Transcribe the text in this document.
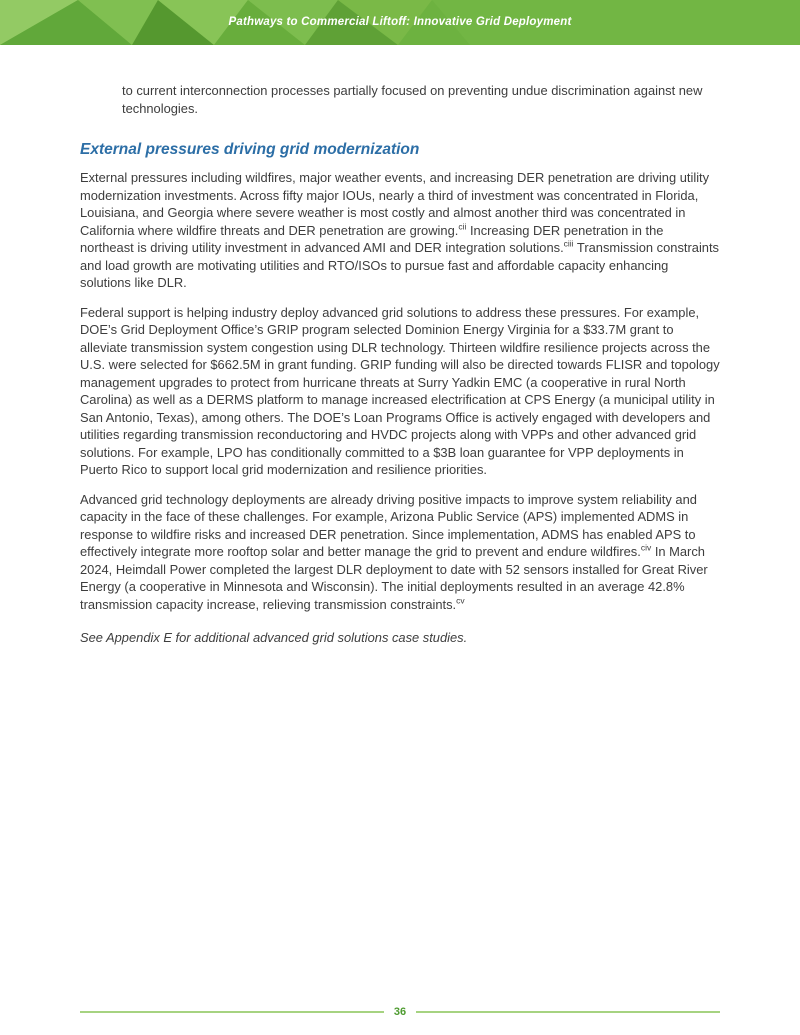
Pathways to Commercial Liftoff: Innovative Grid Deployment

to current interconnection processes partially focused on preventing undue discrimination against new technologies.

External pressures driving grid modernization

External pressures including wildfires, major weather events, and increasing DER penetration are driving utility modernization investments. Across fifty major IOUs, nearly a third of investment was concentrated in Florida, Louisiana, and Georgia where severe weather is most costly and almost another third was concentrated in California where wildfire threats and DER penetration are growing.$^{cii}$ Increasing DER penetration in the northeast is driving utility investment in advanced AMI and DER integration solutions.$^{ciii}$ Transmission constraints and load growth are motivating utilities and RTO/ISOs to pursue fast and affordable capacity enhancing solutions like DLR.

Federal support is helping industry deploy advanced grid solutions to address these pressures. For example, DOE’s Grid Deployment Office’s GRIP program selected Dominion Energy Virginia for a $33.7M grant to alleviate transmission system congestion using DLR technology. Thirteen wildfire resilience projects across the U.S. were selected for $662.5M in grant funding. GRIP funding will also be directed towards FLISR and topology management upgrades to protect from hurricane threats at Surry Yadkin EMC (a cooperative in rural North Carolina) as well as a DERMS platform to manage increased electrification at CPS Energy (a municipal utility in San Antonio, Texas), among others. The DOE’s Loan Programs Office is actively engaged with developers and utilities regarding transmission reconductoring and HVDC projects along with VPPs and other advanced grid solutions. For example, LPO has conditionally committed to a $3B loan guarantee for VPP deployments in Puerto Rico to support local grid modernization and resilience priorities.

Advanced grid technology deployments are already driving positive impacts to improve system reliability and capacity in the face of these challenges. For example, Arizona Public Service (APS) implemented ADMS in response to wildfire risks and increased DER penetration. Since implementation, ADMS has enabled APS to effectively integrate more rooftop solar and better manage the grid to prevent and endure wildfires.$^{civ}$ In March 2024, Heimdall Power completed the largest DLR deployment to date with 52 sensors installed for Great River Energy (a cooperative in Minnesota and Wisconsin). The initial deployments resulted in an average 42.8% transmission capacity increase, relieving transmission constraints.$^{cv}$

See Appendix E for additional advanced grid solutions case studies.

36
